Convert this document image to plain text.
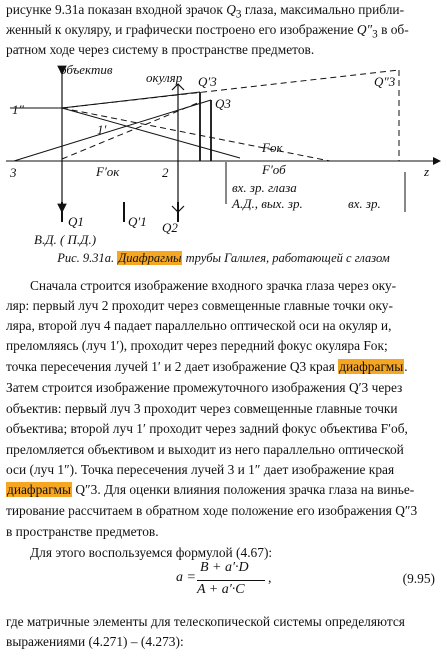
рисунке 9.31а показан входной зрачок $Q_3$ глаза, максимально прибли-

женный к окуляру, и графически построено его изображение $Q''_3$ в об-

ратном ходе через систему в пространстве предметов.

объектив
окуляр Q′3
Q3
Q″3
1″
1′
Fок
F′ок	F′об
3	2	z
вх. зр. глаза
А.Д., вых. зр.	вх. зр.
Q1	Q′1 Q2
В.Д. ( П.Д.)
Рис. 9.31а. Диафрагмы трубы Галилея, работающей с глазом

Сначала строится изображение входного зрачка глаза через оку-

ляр: первый луч 2 проходит через совмещенные главные точки оку-

ляра, второй луч 4 падает параллельно оптической оси на окуляр и,

преломляясь (луч 1′), проходит через передний фокус окуляра Fок;

точка пересечения лучей 1′ и 2 дает изображение Q3 края диафрагмы.

Затем строится изображение промежуточного изображения Q′3 через

объектив: первый луч 3 проходит через совмещенные главные точки

объектива; второй луч 1′ проходит через задний фокус объектива F′об,

преломляется объективом и выходит из него параллельно оптической

оси (луч 1″). Точка пересечения лучей 3 и 1″ дает изображение края

диафрагмы Q″3. Для оценки влияния положения зрачка глаза на винье-

тирование рассчитаем в обратном ходе положение его изображения Q″3

в пространстве предметов.

Для этого воспользуемся формулой (4.67):

a =
B + a′·D
A + a′·C
,	(9.95)

где матричные элементы для телескопической системы определяются

выражениями (4.271) – (4.273):
